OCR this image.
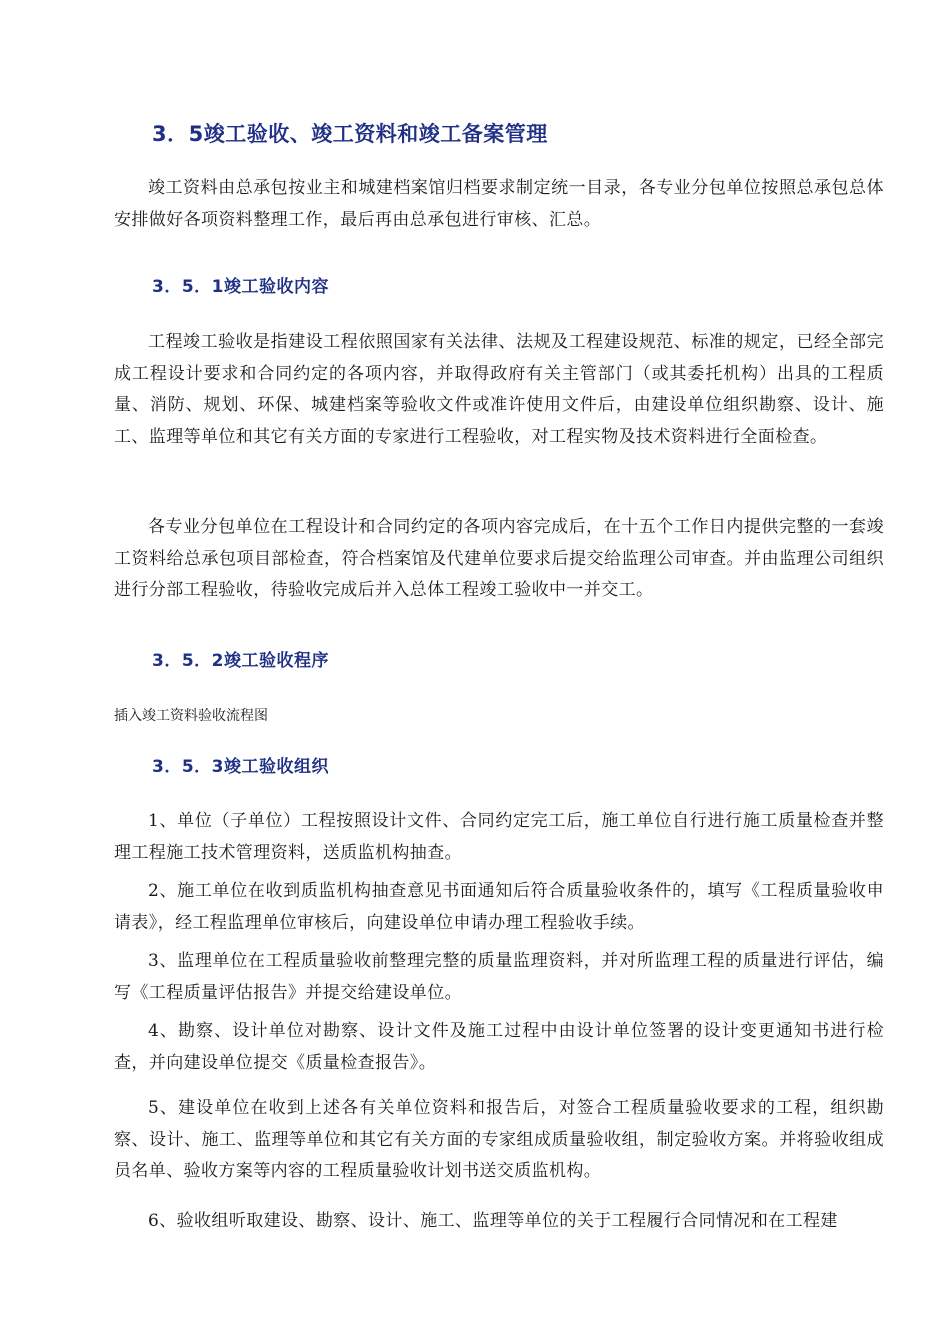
3．5竣工验收、竣工资料和竣工备案管理
竣工资料由总承包按业主和城建档案馆归档要求制定统一目录，各专业分包单位按照总承包总体安排做好各项资料整理工作，最后再由总承包进行审核、汇总。
3．5．1竣工验收内容
工程竣工验收是指建设工程依照国家有关法律、法规及工程建设规范、标准的规定，已经全部完成工程设计要求和合同约定的各项内容，并取得政府有关主管部门（或其委托机构）出具的工程质量、消防、规划、环保、城建档案等验收文件或准许使用文件后，由建设单位组织勘察、设计、施工、监理等单位和其它有关方面的专家进行工程验收，对工程实物及技术资料进行全面检查。
各专业分包单位在工程设计和合同约定的各项内容完成后，在十五个工作日内提供完整的一套竣工资料给总承包项目部检查，符合档案馆及代建单位要求后提交给监理公司审查。并由监理公司组织进行分部工程验收，待验收完成后并入总体工程竣工验收中一并交工。
3．5．2竣工验收程序
插入竣工资料验收流程图
3．5．3竣工验收组织
1、单位（子单位）工程按照设计文件、合同约定完工后，施工单位自行进行施工质量检查并整理工程施工技术管理资料，送质监机构抽查。
2、施工单位在收到质监机构抽查意见书面通知后符合质量验收条件的，填写《工程质量验收申请表》，经工程监理单位审核后，向建设单位申请办理工程验收手续。
3、监理单位在工程质量验收前整理完整的质量监理资料，并对所监理工程的质量进行评估，编写《工程质量评估报告》并提交给建设单位。
4、勘察、设计单位对勘察、设计文件及施工过程中由设计单位签署的设计变更通知书进行检查，并向建设单位提交《质量检查报告》。
5、建设单位在收到上述各有关单位资料和报告后，对签合工程质量验收要求的工程，组织勘察、设计、施工、监理等单位和其它有关方面的专家组成质量验收组，制定验收方案。并将验收组成员名单、验收方案等内容的工程质量验收计划书送交质监机构。
6、验收组听取建设、勘察、设计、施工、监理等单位的关于工程履行合同情况和在工程建
